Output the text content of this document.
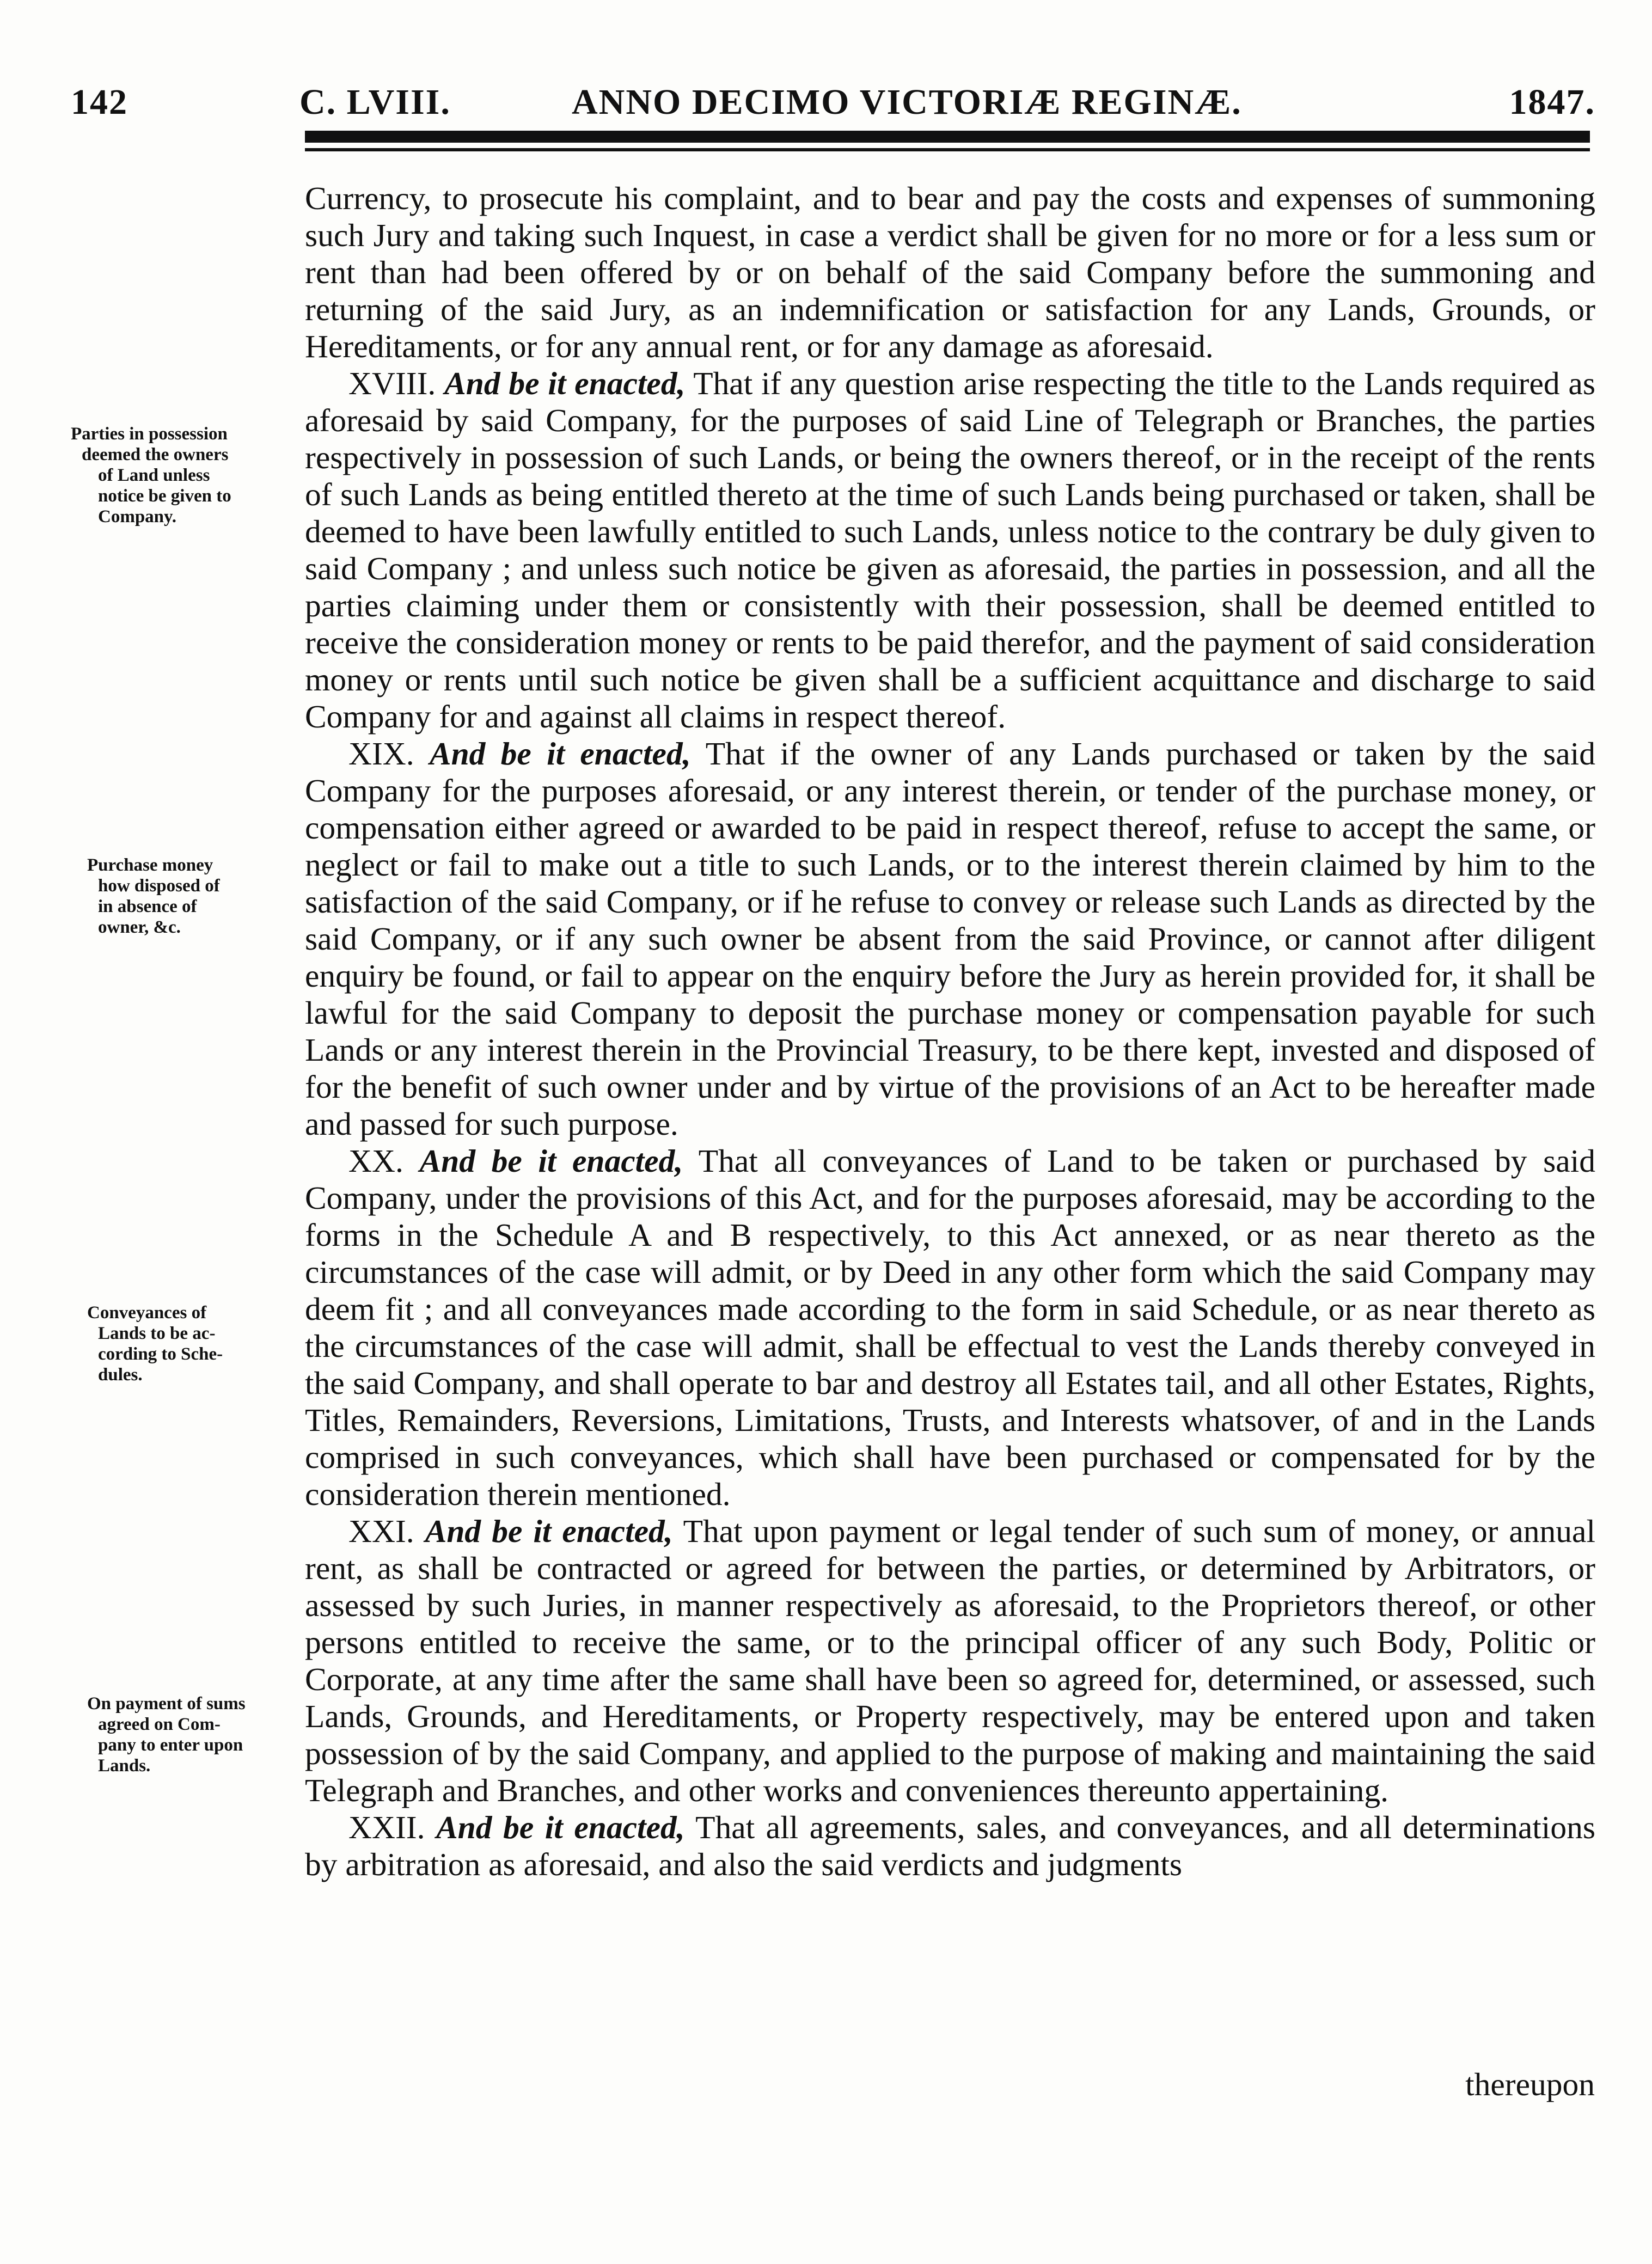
142	C. LVIII.	ANNO DECIMO VICTORIÆ REGINÆ.	1847.

Currency, to prosecute his complaint, and to bear and pay the costs and expenses of summoning such Jury and taking such Inquest, in case a verdict shall be given for no more or for a less sum or rent than had been offered by or on behalf of the said Company before the summoning and returning of the said Jury, as an indemnification or satisfaction for any Lands, Grounds, or Hereditaments, or for any annual rent, or for any damage as aforesaid.

XVIII. And be it enacted, That if any question arise respecting the title to the Lands required as aforesaid by said Company, for the purposes of said Line of Telegraph or Branches, the parties respectively in possession of such Lands, or being the owners thereof, or in the receipt of the rents of such Lands as being entitled thereto at the time of such Lands being purchased or taken, shall be deemed to have been lawfully entitled to such Lands, unless notice to the contrary be duly given to said Company ; and unless such notice be given as aforesaid, the parties in possession, and all the parties claiming under them or consistently with their possession, shall be deemed entitled to receive the consideration money or rents to be paid therefor, and the payment of said consideration money or rents until such notice be given shall be a sufficient acquittance and discharge to said Company for and against all claims in respect thereof.

XIX. And be it enacted, That if the owner of any Lands purchased or taken by the said Company for the purposes aforesaid, or any interest therein, or tender of the purchase money, or compensation either agreed or awarded to be paid in respect thereof, refuse to accept the same, or neglect or fail to make out a title to such Lands, or to the interest therein claimed by him to the satisfaction of the said Company, or if he refuse to convey or release such Lands as directed by the said Company, or if any such owner be absent from the said Province, or cannot after diligent enquiry be found, or fail to appear on the enquiry before the Jury as herein provided for, it shall be lawful for the said Company to deposit the purchase money or compensation payable for such Lands or any interest therein in the Provincial Treasury, to be there kept, invested and disposed of for the benefit of such owner under and by virtue of the provisions of an Act to be hereafter made and passed for such purpose.

XX. And be it enacted, That all conveyances of Land to be taken or purchased by said Company, under the provisions of this Act, and for the purposes aforesaid, may be according to the forms in the Schedule A and B respectively, to this Act annexed, or as near thereto as the circumstances of the case will admit, or by Deed in any other form which the said Company may deem fit ; and all conveyances made according to the form in said Schedule, or as near thereto as the circumstances of the case will admit, shall be effectual to vest the Lands thereby conveyed in the said Company, and shall operate to bar and destroy all Estates tail, and all other Estates, Rights, Titles, Remainders, Reversions, Limitations, Trusts, and Interests whatsover, of and in the Lands comprised in such conveyances, which shall have been purchased or compensated for by the consideration therein mentioned.

XXI. And be it enacted, That upon payment or legal tender of such sum of money, or annual rent, as shall be contracted or agreed for between the parties, or determined by Arbitrators, or assessed by such Juries, in manner respectively as aforesaid, to the Proprietors thereof, or other persons entitled to receive the same, or to the principal officer of any such Body, Politic or Corporate, at any time after the same shall have been so agreed for, determined, or assessed, such Lands, Grounds, and Hereditaments, or Property respectively, may be entered upon and taken possession of by the said Company, and applied to the purpose of making and maintaining the said Telegraph and Branches, and other works and conveniences thereunto appertaining.

XXII. And be it enacted, That all agreements, sales, and conveyances, and all determinations by arbitration as aforesaid, and also the said verdicts and judgments

thereupon
Parties in possession
deemed the owners
of Land unless
notice be given to
Company.
Purchase money
how disposed of
in absence of
owner, &c.
Conveyances of
Lands to be ac-
cording to Sche-
dules.
On payment of sums
agreed on Com-
pany to enter upon
Lands.
